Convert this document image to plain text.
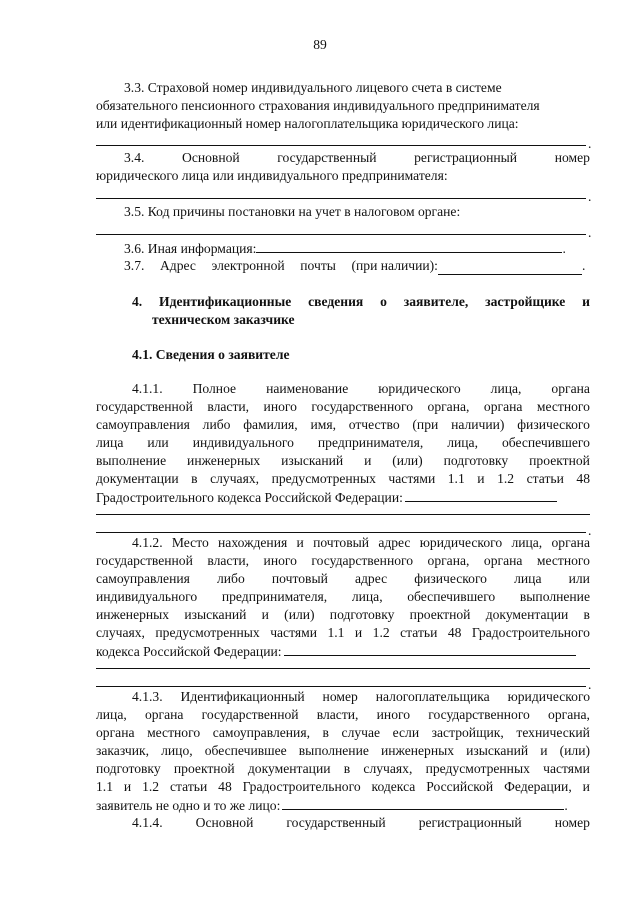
89
3.3. Страховой номер индивидуального лицевого счета в системе
обязательного пенсионного страхования индивидуального предпринимателя
или идентификационный номер налогоплательщика юридического лица:
.
3.4.	Основной	государственный	регистрационный	номер
юридического лица или индивидуального предпринимателя:
.
3.5. Код причины постановки на учет в налоговом органе:
.
3.6. Иная информация:	.
3.7. Адрес электронной почты (при наличии):	.
4. Идентификационные сведения о заявителе, застройщике и
техническом заказчике
4.1. Сведения о заявителе
4.1.1. Полное наименование юридического лица, органа
государственной власти, иного государственного органа, органа местного
самоуправления либо фамилия, имя, отчество (при наличии) физического
лица или индивидуального предпринимателя, лица, обеспечившего
выполнение инженерных изысканий и (или) подготовку проектной
документации в случаях, предусмотренных частями 1.1 и 1.2 статьи 48
Градостроительного кодекса Российской Федерации:
.
4.1.2. Место нахождения и почтовый адрес юридического лица, органа
государственной власти, иного государственного органа, органа местного
самоуправления либо почтовый адрес физического лица или
индивидуального предпринимателя, лица, обеспечившего выполнение
инженерных изысканий и (или) подготовку проектной документации в
случаях, предусмотренных частями 1.1 и 1.2 статьи 48 Градостроительного
кодекса Российской Федерации:
.
4.1.3. Идентификационный номер налогоплательщика юридического
лица, органа государственной власти, иного государственного органа,
органа местного самоуправления, в случае если застройщик, технический
заказчик, лицо, обеспечившее выполнение инженерных изысканий и (или)
подготовку проектной документации в случаях, предусмотренных частями
1.1 и 1.2 статьи 48 Градостроительного кодекса Российской Федерации, и
заявитель не одно и то же лицо:	.
4.1.4. Основной государственный регистрационный номер
